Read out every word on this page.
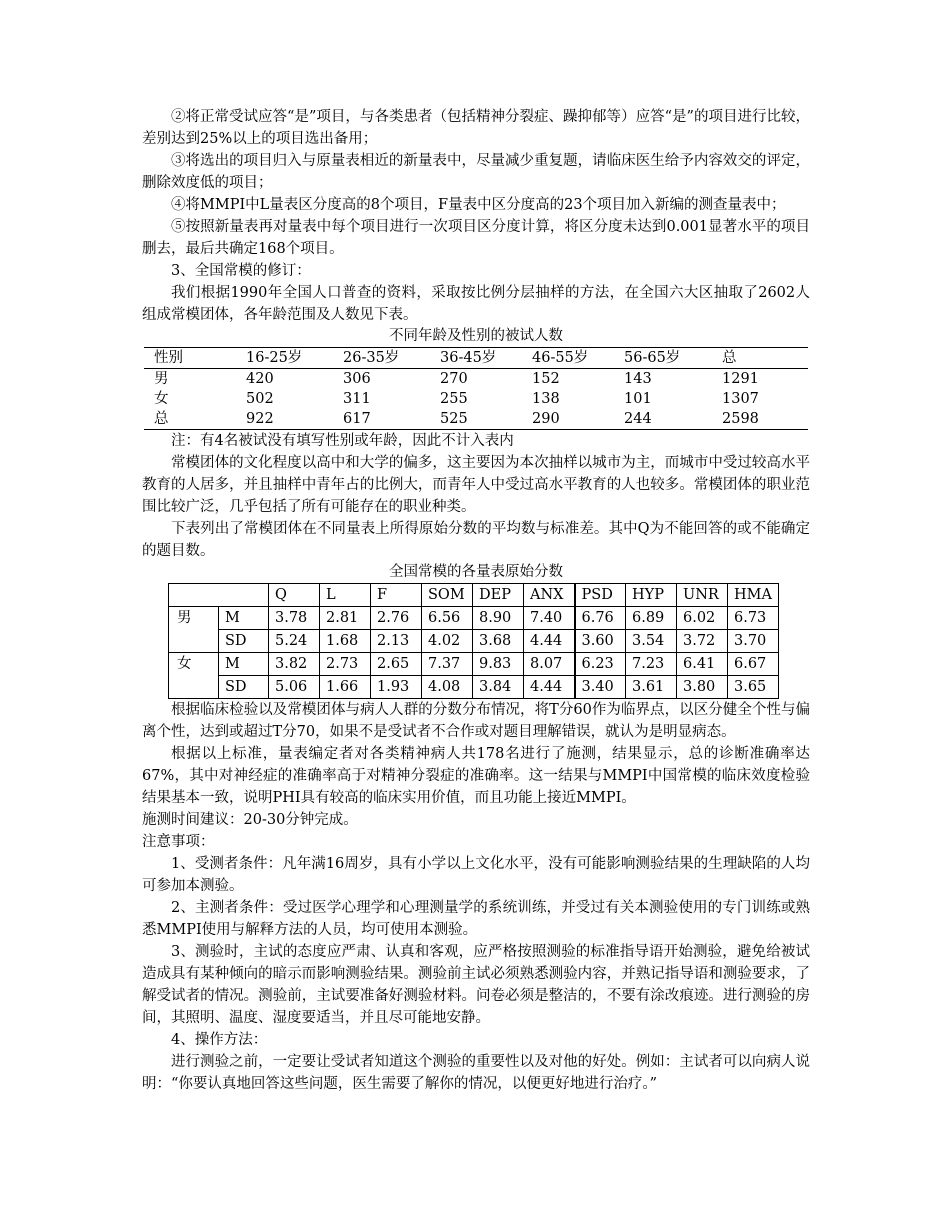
②将正常受试应答“是”项目，与各类患者（包括精神分裂症、躁抑郁等）应答“是”的项目进行比较，差别达到25%以上的项目选出备用；

③将选出的项目归入与原量表相近的新量表中，尽量减少重复题，请临床医生给予内容效交的评定，删除效度低的项目；

④将MMPI中L量表区分度高的8个项目，F量表中区分度高的23个项目加入新编的测查量表中；

⑤按照新量表再对量表中每个项目进行一次项目区分度计算，将区分度未达到0.001显著水平的项目删去，最后共确定168个项目。

3、全国常模的修订：

我们根据1990年全国人口普查的资料，采取按比例分层抽样的方法，在全国六大区抽取了2602人组成常模团体，各年龄范围及人数见下表。

不同年龄及性别的被试人数

性别	16-25岁	26-35岁	36-45岁	46-55岁	56-65岁	总
男	420	306	270	152	143	1291
女	502	311	255	138	101	1307
总	922	617	525	290	244	2598

注：有4名被试没有填写性别或年龄，因此不计入表内

常模团体的文化程度以高中和大学的偏多，这主要因为本次抽样以城市为主，而城市中受过较高水平教育的人居多，并且抽样中青年占的比例大，而青年人中受过高水平教育的人也较多。常模团体的职业范围比较广泛，几乎包括了所有可能存在的职业种类。

下表列出了常模团体在不同量表上所得原始分数的平均数与标准差。其中Q为不能回答的或不能确定的题目数。

全国常模的各量表原始分数

		Q	L	F	SOM	DEP	ANX	PSD	HYP	UNR	HMA
男	M	3.78	2.81	2.76	6.56	8.90	7.40	6.76	6.89	6.02	6.73
	SD	5.24	1.68	2.13	4.02	3.68	4.44	3.60	3.54	3.72	3.70
女	M	3.82	2.73	2.65	7.37	9.83	8.07	6.23	7.23	6.41	6.67
	SD	5.06	1.66	1.93	4.08	3.84	4.44	3.40	3.61	3.80	3.65

根据临床检验以及常模团体与病人人群的分数分布情况，将T分60作为临界点，以区分健全个性与偏离个性，达到或超过T分70，如果不是受试者不合作或对题目理解错误，就认为是明显病态。

根据以上标准，量表编定者对各类精神病人共178名进行了施测，结果显示，总的诊断准确率达67%，其中对神经症的准确率高于对精神分裂症的准确率。这一结果与MMPI中国常模的临床效度检验结果基本一致，说明PHI具有较高的临床实用价值，而且功能上接近MMPI。

施测时间建议：20-30分钟完成。

注意事项：

1、受测者条件：凡年满16周岁，具有小学以上文化水平，没有可能影响测验结果的生理缺陷的人均可参加本测验。

2、主测者条件：受过医学心理学和心理测量学的系统训练，并受过有关本测验使用的专门训练或熟悉MMPI使用与解释方法的人员，均可使用本测验。

3、测验时，主试的态度应严肃、认真和客观，应严格按照测验的标准指导语开始测验，避免给被试造成具有某种倾向的暗示而影响测验结果。测验前主试必须熟悉测验内容，并熟记指导语和测验要求，了解受试者的情况。测验前，主试要准备好测验材料。问卷必须是整洁的，不要有涂改痕迹。进行测验的房间，其照明、温度、湿度要适当，并且尽可能地安静。

4、操作方法：

进行测验之前，一定要让受试者知道这个测验的重要性以及对他的好处。例如：主试者可以向病人说明：“你要认真地回答这些问题，医生需要了解你的情况，以便更好地进行治疗。”
